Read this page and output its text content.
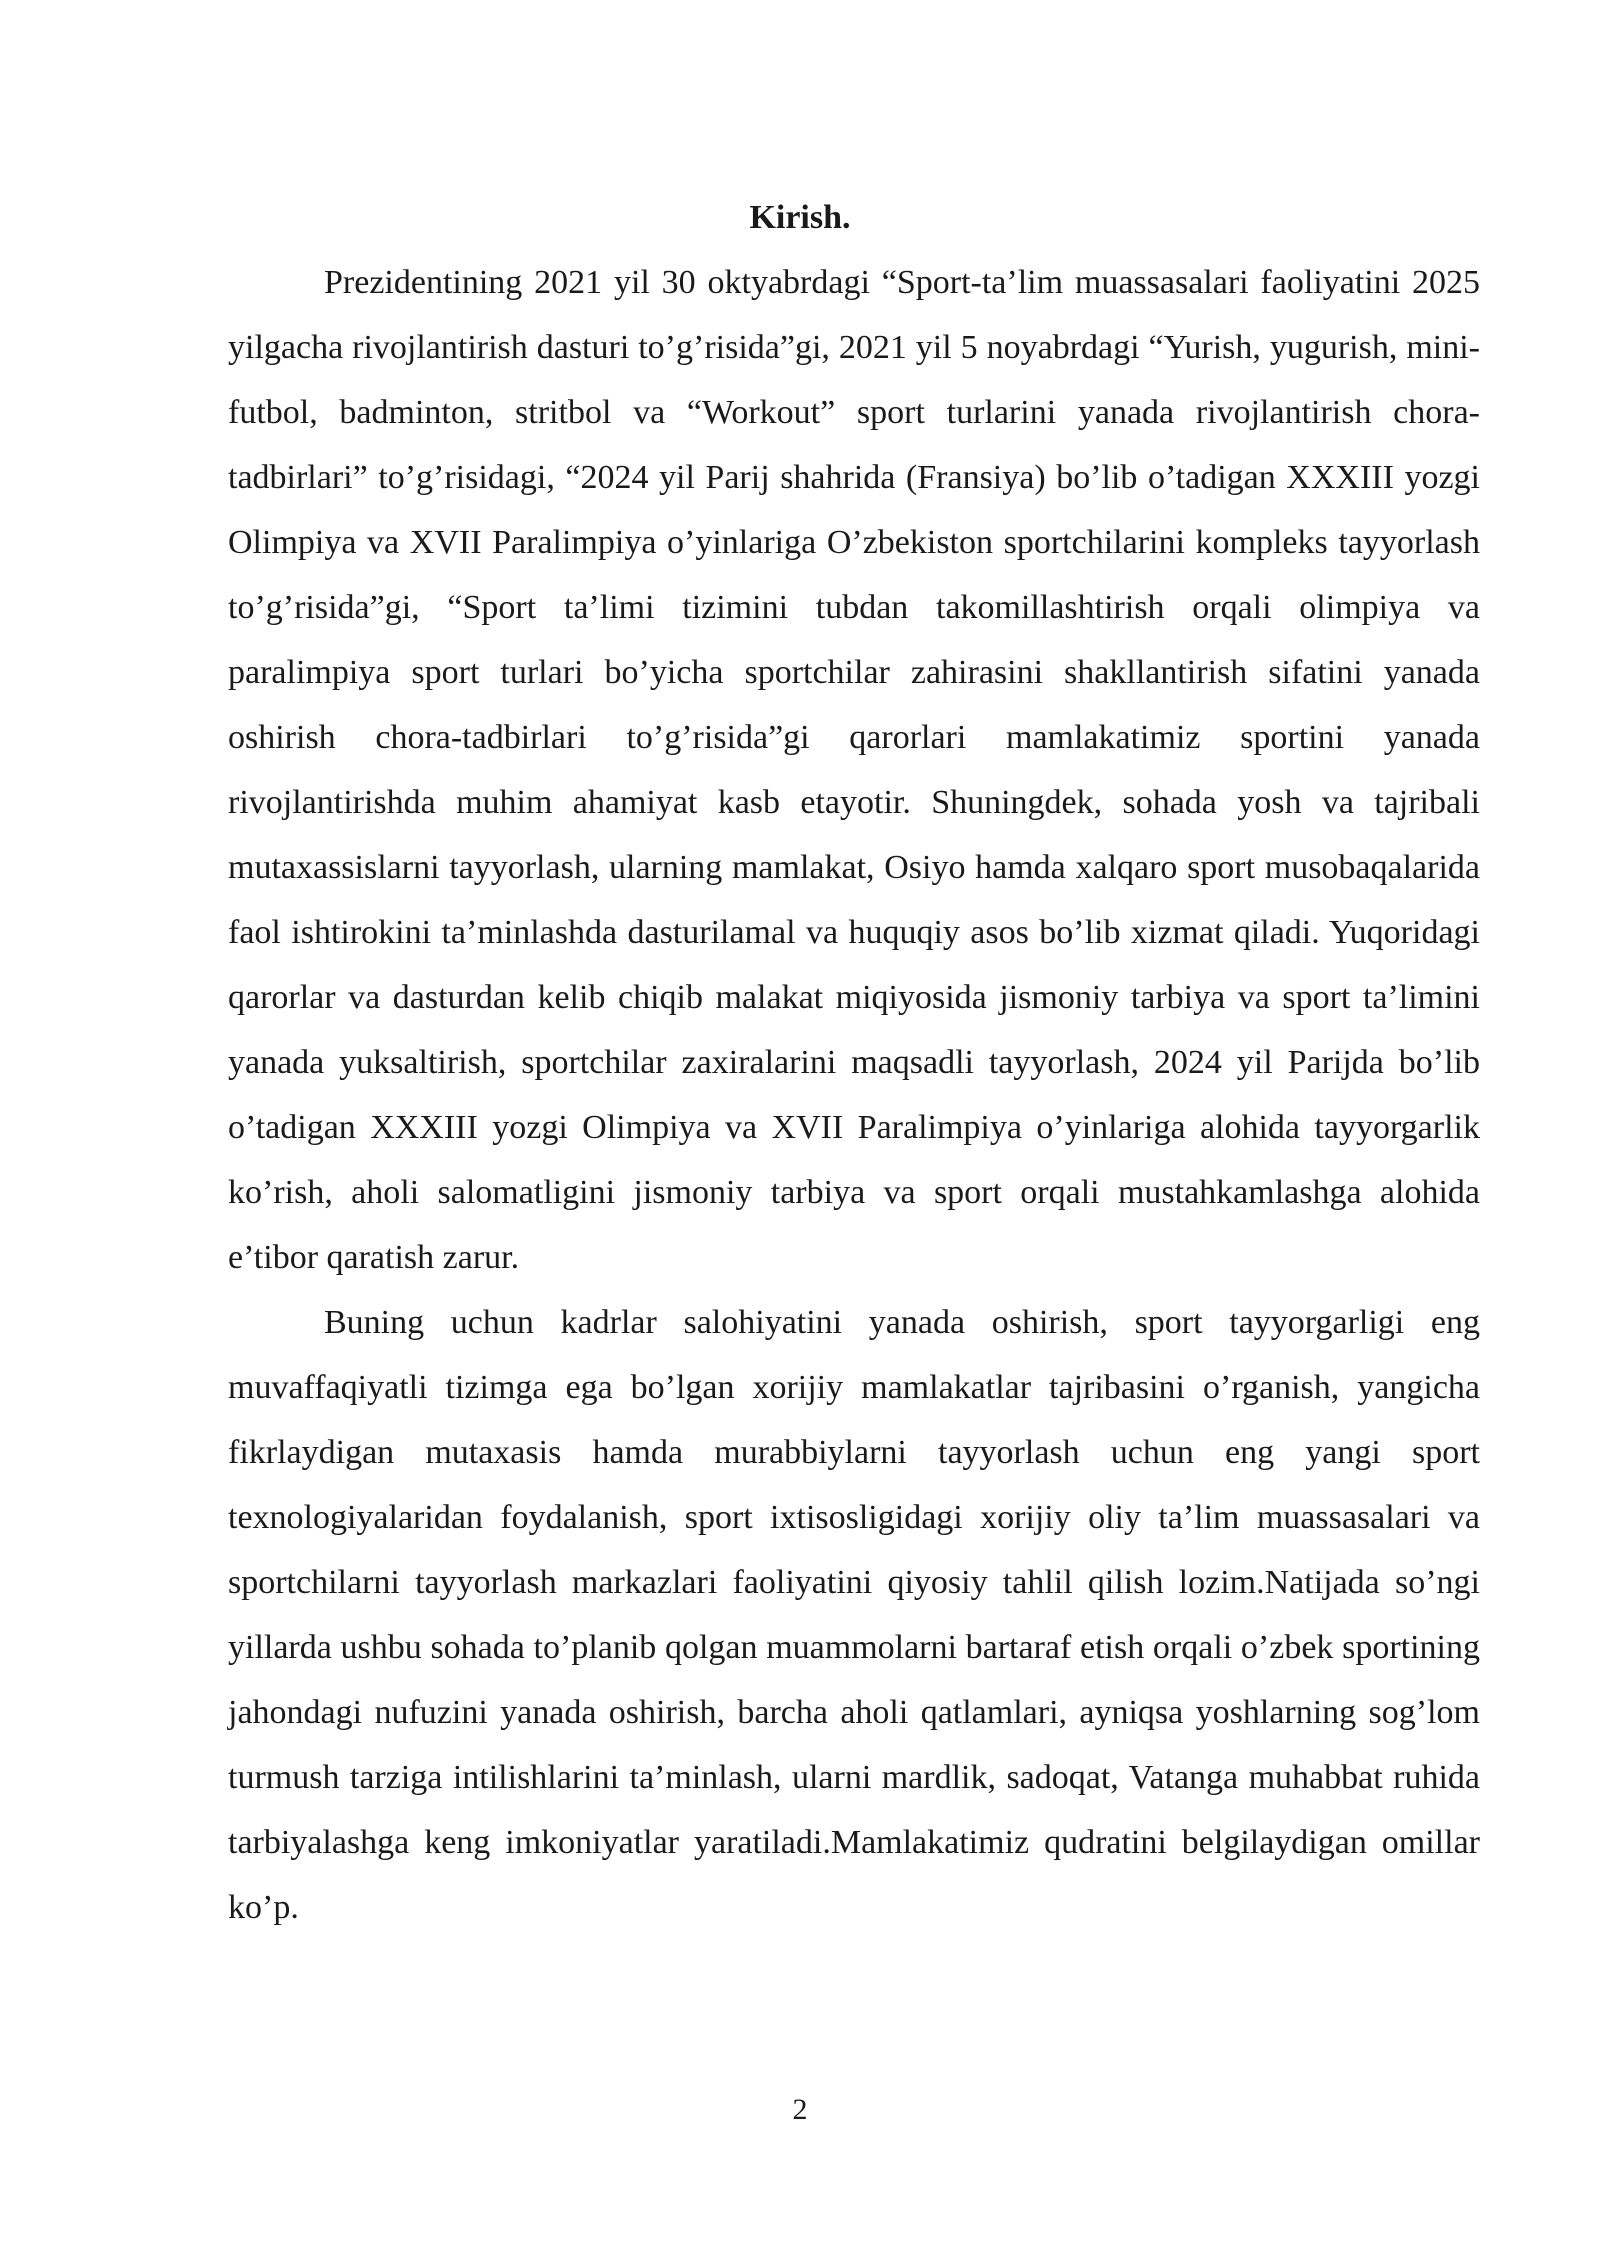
Kirish.

Prezidentining 2021 yil 30 oktyabrdagi “Sport-ta’lim muassasalari faoliyatini 2025 yilgacha rivojlantirish dasturi to’g’risida”gi, 2021 yil 5 noyabrdagi “Yurish, yugurish, mini-futbol, badminton, stritbol va “Workout” sport turlarini yanada rivojlantirish chora-tadbirlari” to’g’risidagi, “2024 yil Parij shahrida (Fransiya) bo’lib o’tadigan XXXIII yozgi Olimpiya va XVII Paralimpiya o’yinlariga O’zbekiston sportchilarini kompleks tayyorlash to’g’risida”gi, “Sport ta’limi tizimini tubdan takomillashtirish orqali olimpiya va paralimpiya sport turlari bo’yicha sportchilar zahirasini shakllantirish sifatini yanada oshirish chora-tadbirlari to’g’risida”gi qarorlari mamlakatimiz sportini yanada rivojlantirishda muhim ahamiyat kasb etayotir. Shuningdek, sohada yosh va tajribali mutaxassislarni tayyorlash, ularning mamlakat, Osiyo hamda xalqaro sport musobaqalarida faol ishtirokini ta’minlashda dasturilamal va huquqiy asos bo’lib xizmat qiladi. Yuqoridagi qarorlar va dasturdan kelib chiqib malakat miqiyosida jismoniy tarbiya va sport ta’limini yanada yuksaltirish, sportchilar zaxiralarini maqsadli tayyorlash, 2024 yil Parijda bo’lib o’tadigan XXXIII yozgi Olimpiya va XVII Paralimpiya o’yinlariga alohida tayyorgarlik ko’rish, aholi salomatligini jismoniy tarbiya va sport orqali mustahkamlashga alohida e’tibor qaratish zarur.

Buning uchun kadrlar salohiyatini yanada oshirish, sport tayyorgarligi eng muvaffaqiyatli tizimga ega bo’lgan xorijiy mamlakatlar tajribasini o’rganish, yangicha fikrlaydigan mutaxasis hamda murabbiylarni tayyorlash uchun eng yangi sport texnologiyalaridan foydalanish, sport ixtisosligidagi xorijiy oliy ta’lim muassasalari va sportchilarni tayyorlash markazlari faoliyatini qiyosiy tahlil qilish lozim.Natijada so’ngi yillarda ushbu sohada to’planib qolgan muammolarni bartaraf etish orqali o’zbek sportining jahondagi nufuzini yanada oshirish, barcha aholi qatlamlari, ayniqsa yoshlarning sog’lom turmush tarziga intilishlarini ta’minlash, ularni mardlik, sadoqat, Vatanga muhabbat ruhida tarbiyalashga keng imkoniyatlar yaratiladi.Mamlakatimiz qudratini belgilaydigan omillar ko’p.

2
